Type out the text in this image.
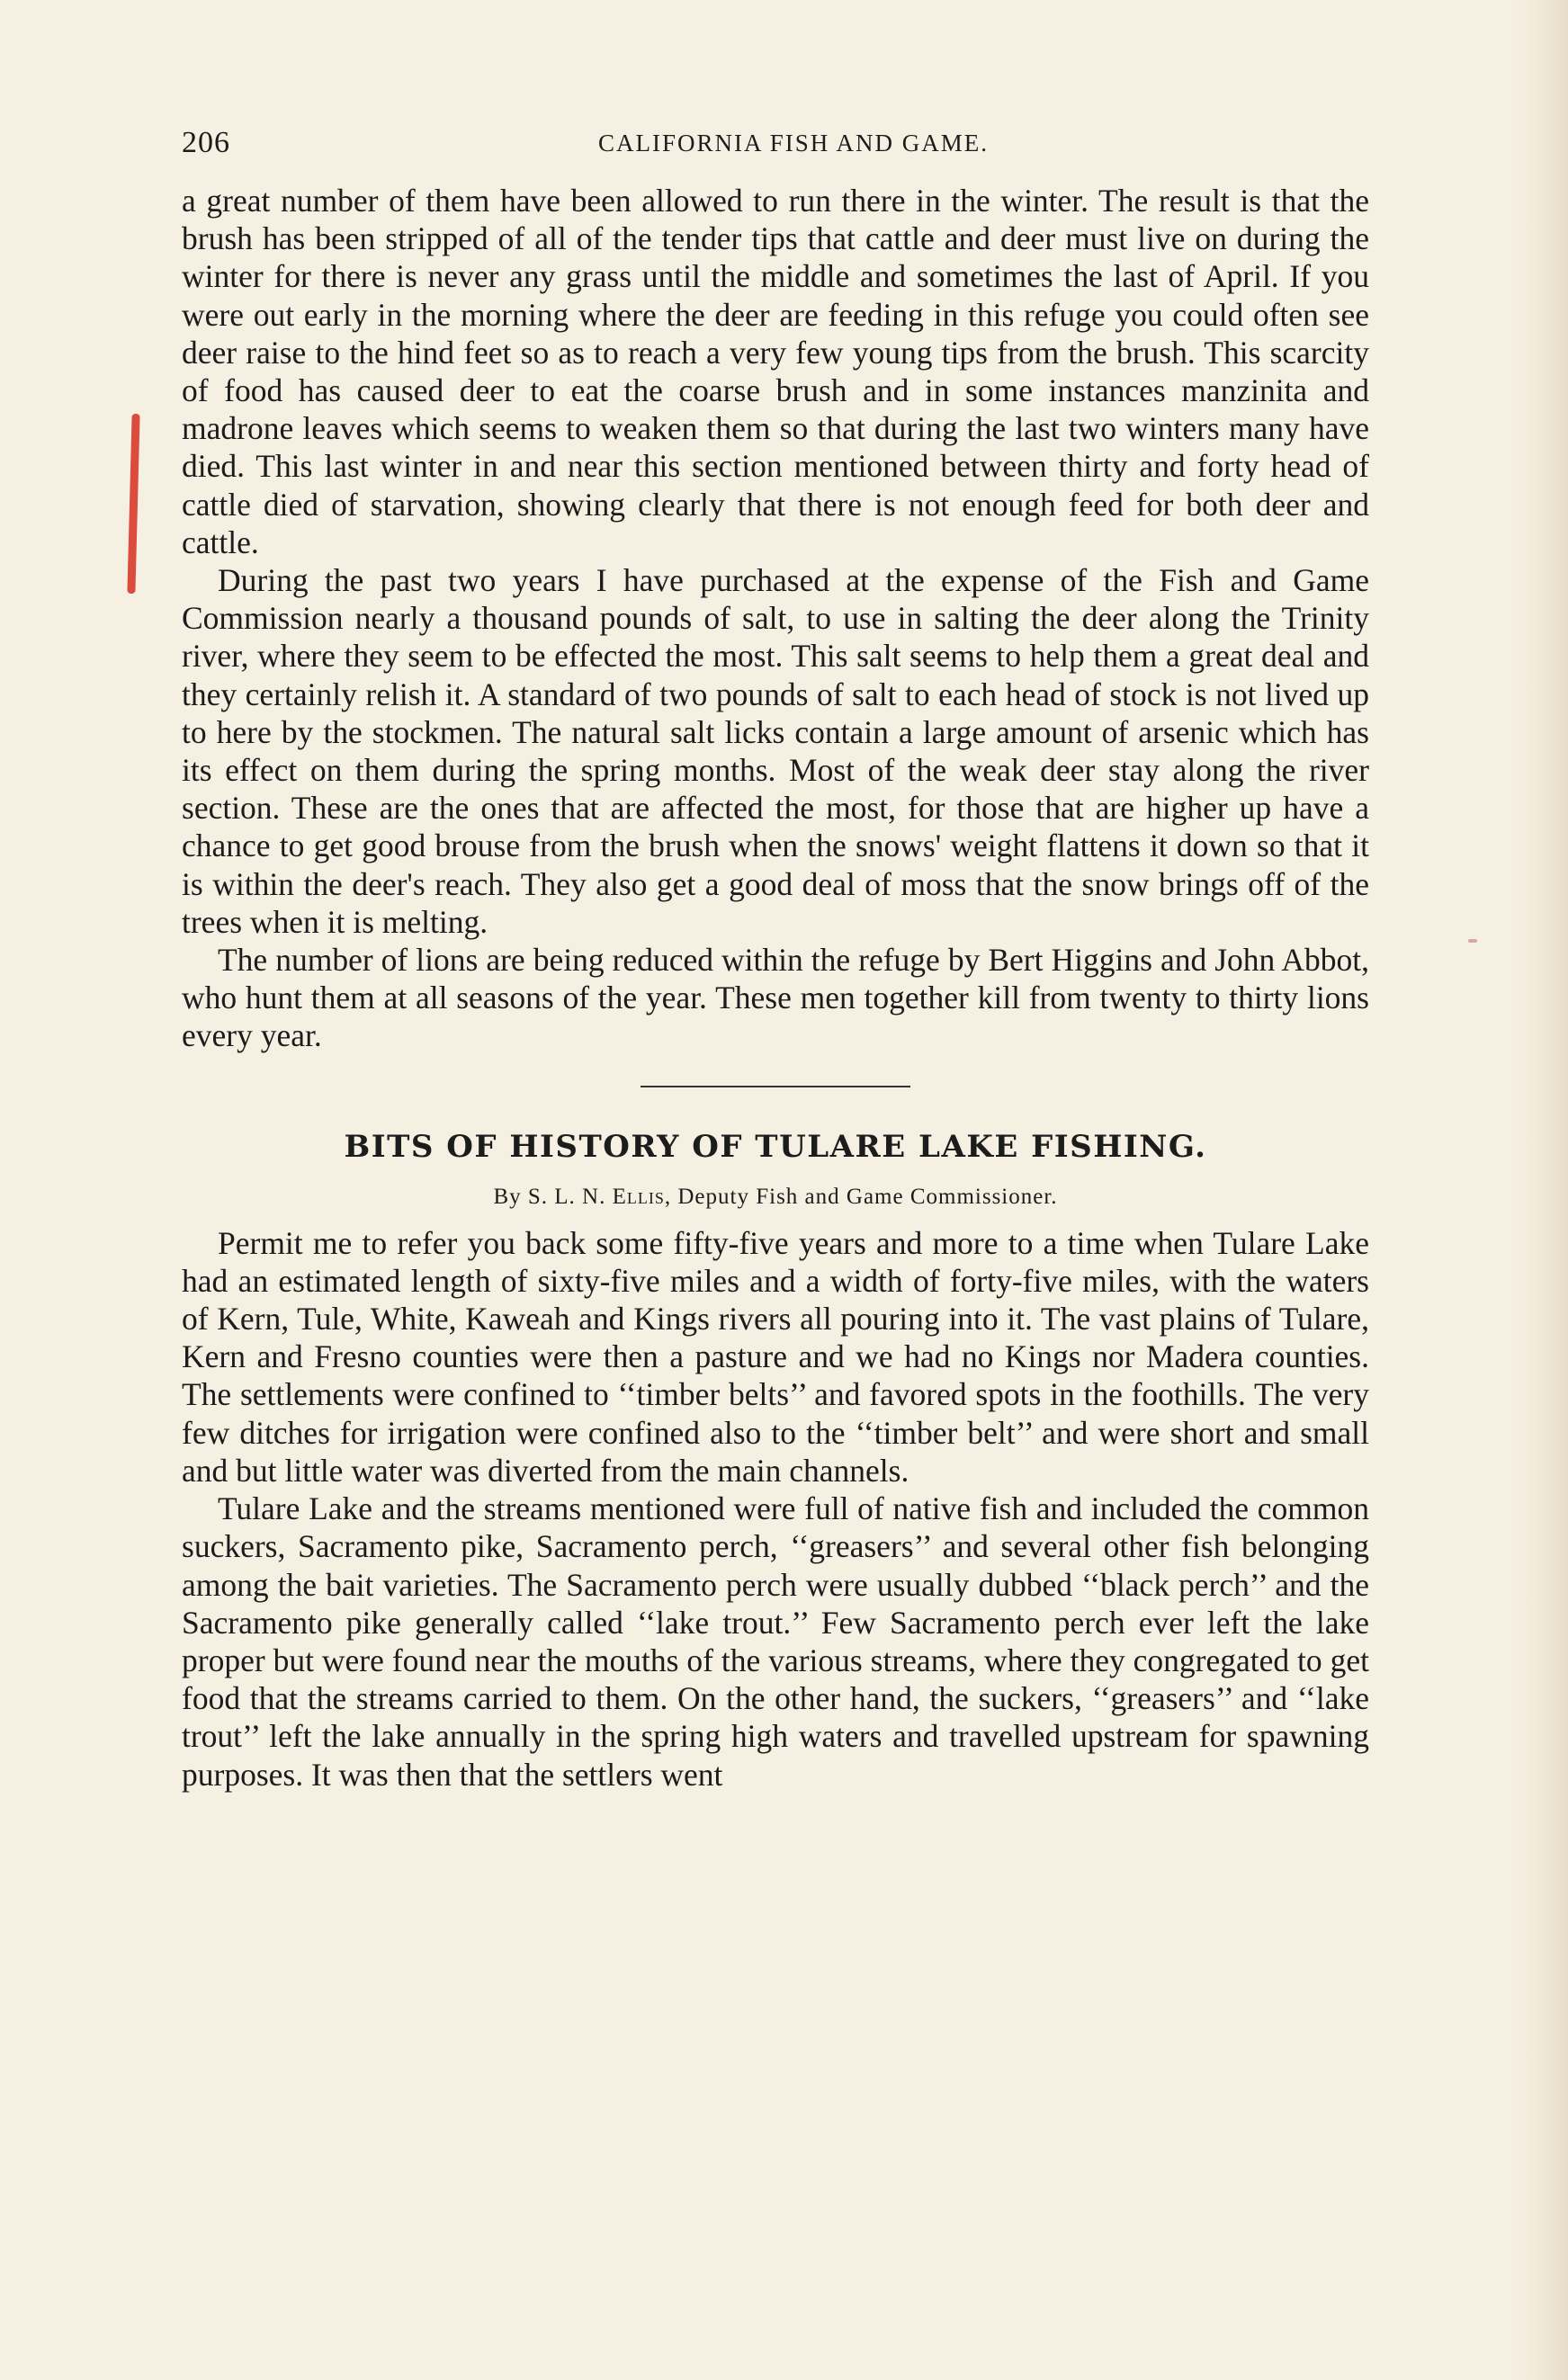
206	CALIFORNIA FISH AND GAME.

a great number of them have been allowed to run there in the winter. The result is that the brush has been stripped of all of the tender tips that cattle and deer must live on during the winter for there is never any grass until the middle and sometimes the last of April. If you were out early in the morning where the deer are feeding in this refuge you could often see deer raise to the hind feet so as to reach a very few young tips from the brush. This scarcity of food has caused deer to eat the coarse brush and in some instances manzinita and madrone leaves which seems to weaken them so that during the last two winters many have died. This last winter in and near this section mentioned between thirty and forty head of cattle died of starvation, showing clearly that there is not enough feed for both deer and cattle.

During the past two years I have purchased at the expense of the Fish and Game Commission nearly a thousand pounds of salt, to use in salting the deer along the Trinity river, where they seem to be effected the most. This salt seems to help them a great deal and they certainly relish it. A standard of two pounds of salt to each head of stock is not lived up to here by the stockmen. The natural salt licks contain a large amount of arsenic which has its effect on them during the spring months. Most of the weak deer stay along the river section. These are the ones that are affected the most, for those that are higher up have a chance to get good brouse from the brush when the snows' weight flattens it down so that it is within the deer's reach. They also get a good deal of moss that the snow brings off of the trees when it is melting.

The number of lions are being reduced within the refuge by Bert Higgins and John Abbot, who hunt them at all seasons of the year. These men together kill from twenty to thirty lions every year.

BITS OF HISTORY OF TULARE LAKE FISHING.
By S. L. N. Ellis, Deputy Fish and Game Commissioner.

Permit me to refer you back some fifty-five years and more to a time when Tulare Lake had an estimated length of sixty-five miles and a width of forty-five miles, with the waters of Kern, Tule, White, Kaweah and Kings rivers all pouring into it. The vast plains of Tulare, Kern and Fresno counties were then a pasture and we had no Kings nor Madera counties. The settlements were confined to ‘‘timber belts’’ and favored spots in the foothills. The very few ditches for irrigation were confined also to the ‘‘timber belt’’ and were short and small and but little water was diverted from the main channels.

Tulare Lake and the streams mentioned were full of native fish and included the common suckers, Sacramento pike, Sacramento perch, ‘‘greasers’’ and several other fish belonging among the bait varieties. The Sacramento perch were usually dubbed ‘‘black perch’’ and the Sacramento pike generally called ‘‘lake trout.’’ Few Sacramento perch ever left the lake proper but were found near the mouths of the various streams, where they congregated to get food that the streams carried to them. On the other hand, the suckers, ‘‘greasers’’ and ‘‘lake trout’’ left the lake annually in the spring high waters and travelled upstream for spawning purposes. It was then that the settlers went
